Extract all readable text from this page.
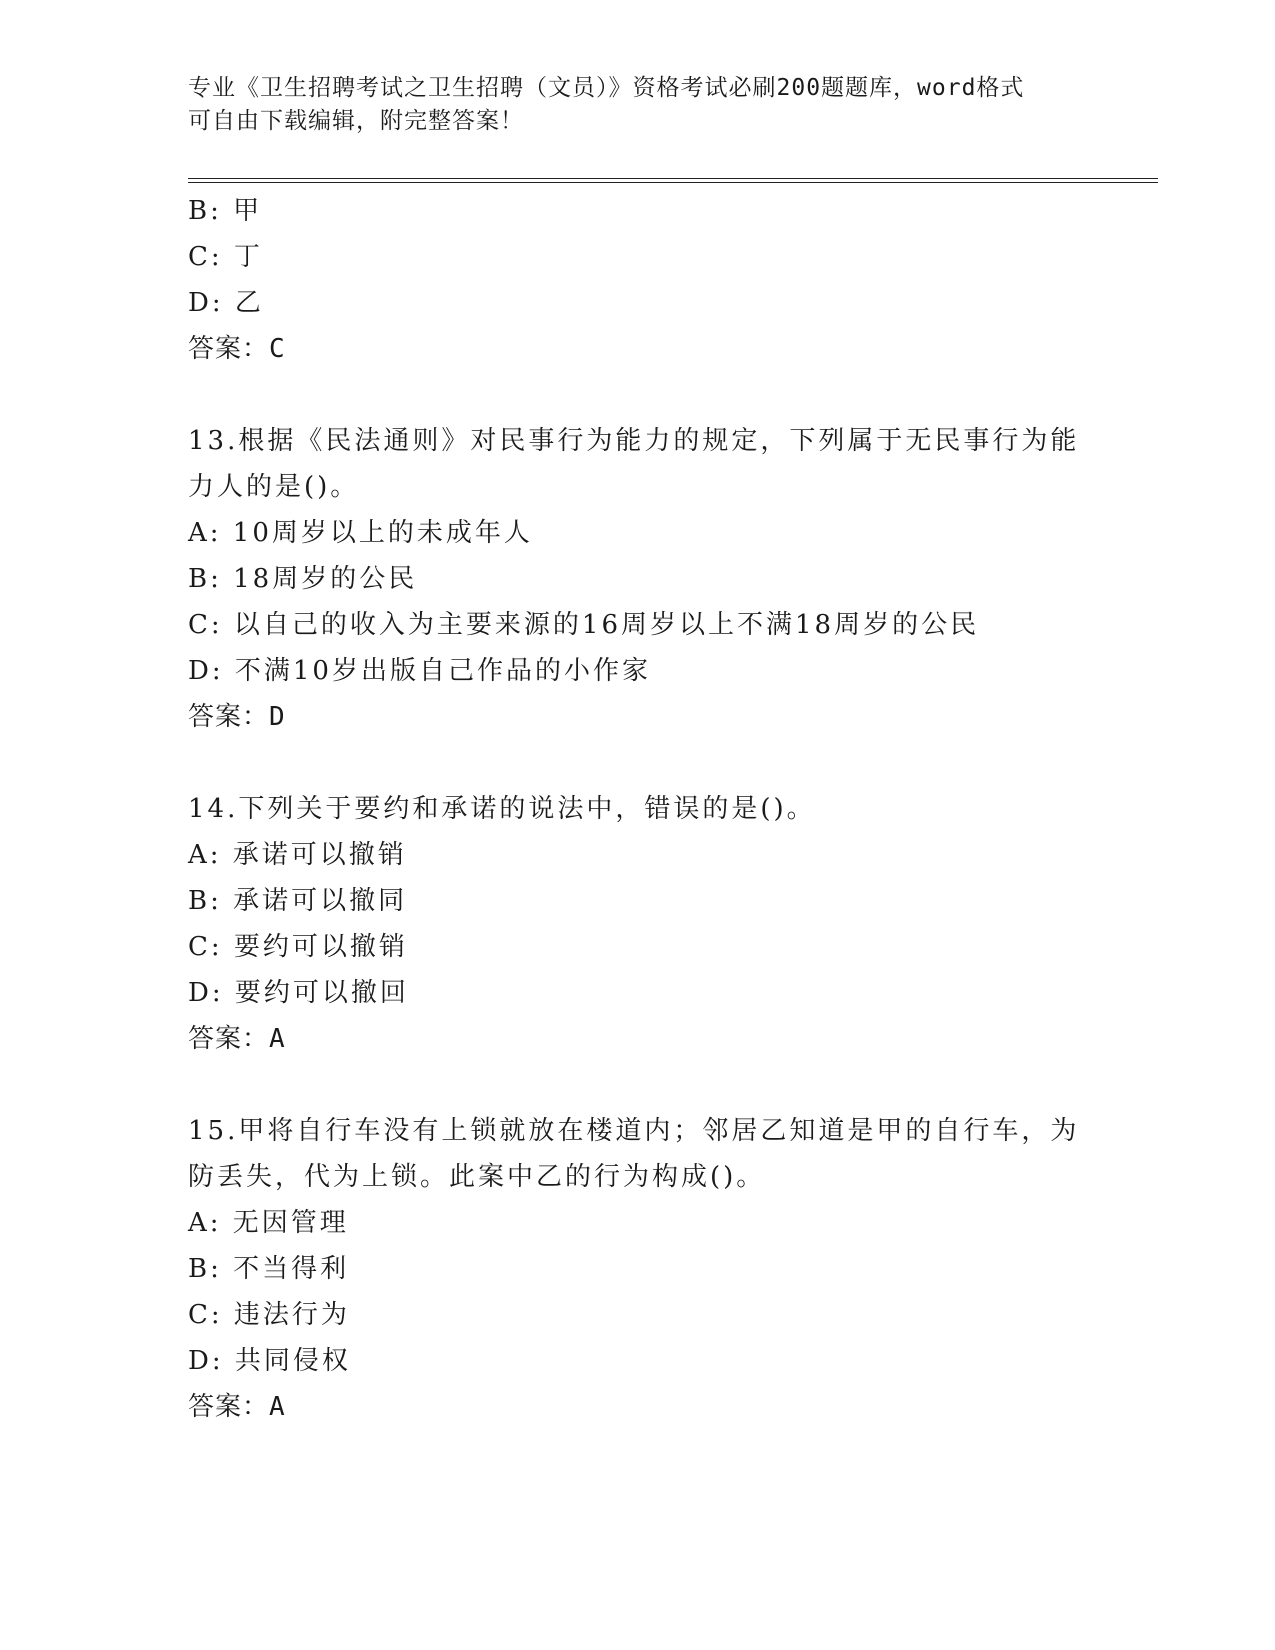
专业《卫生招聘考试之卫生招聘（文员）》资格考试必刷200题题库，word格式
可自由下载编辑，附完整答案！
B: 甲
C: 丁
D: 乙
答案：C
13.根据《民法通则》对民事行为能力的规定，下列属于无民事行为能力人的是()。
A: 10周岁以上的未成年人
B: 18周岁的公民
C: 以自己的收入为主要来源的16周岁以上不满18周岁的公民
D: 不满10岁出版自己作品的小作家
答案：D
14.下列关于要约和承诺的说法中，错误的是()。
A: 承诺可以撤销
B: 承诺可以撤同
C: 要约可以撤销
D: 要约可以撤回
答案：A
15.甲将自行车没有上锁就放在楼道内；邻居乙知道是甲的自行车，为防丢失，代为上锁。此案中乙的行为构成()。
A: 无因管理
B: 不当得利
C: 违法行为
D: 共同侵权
答案：A
